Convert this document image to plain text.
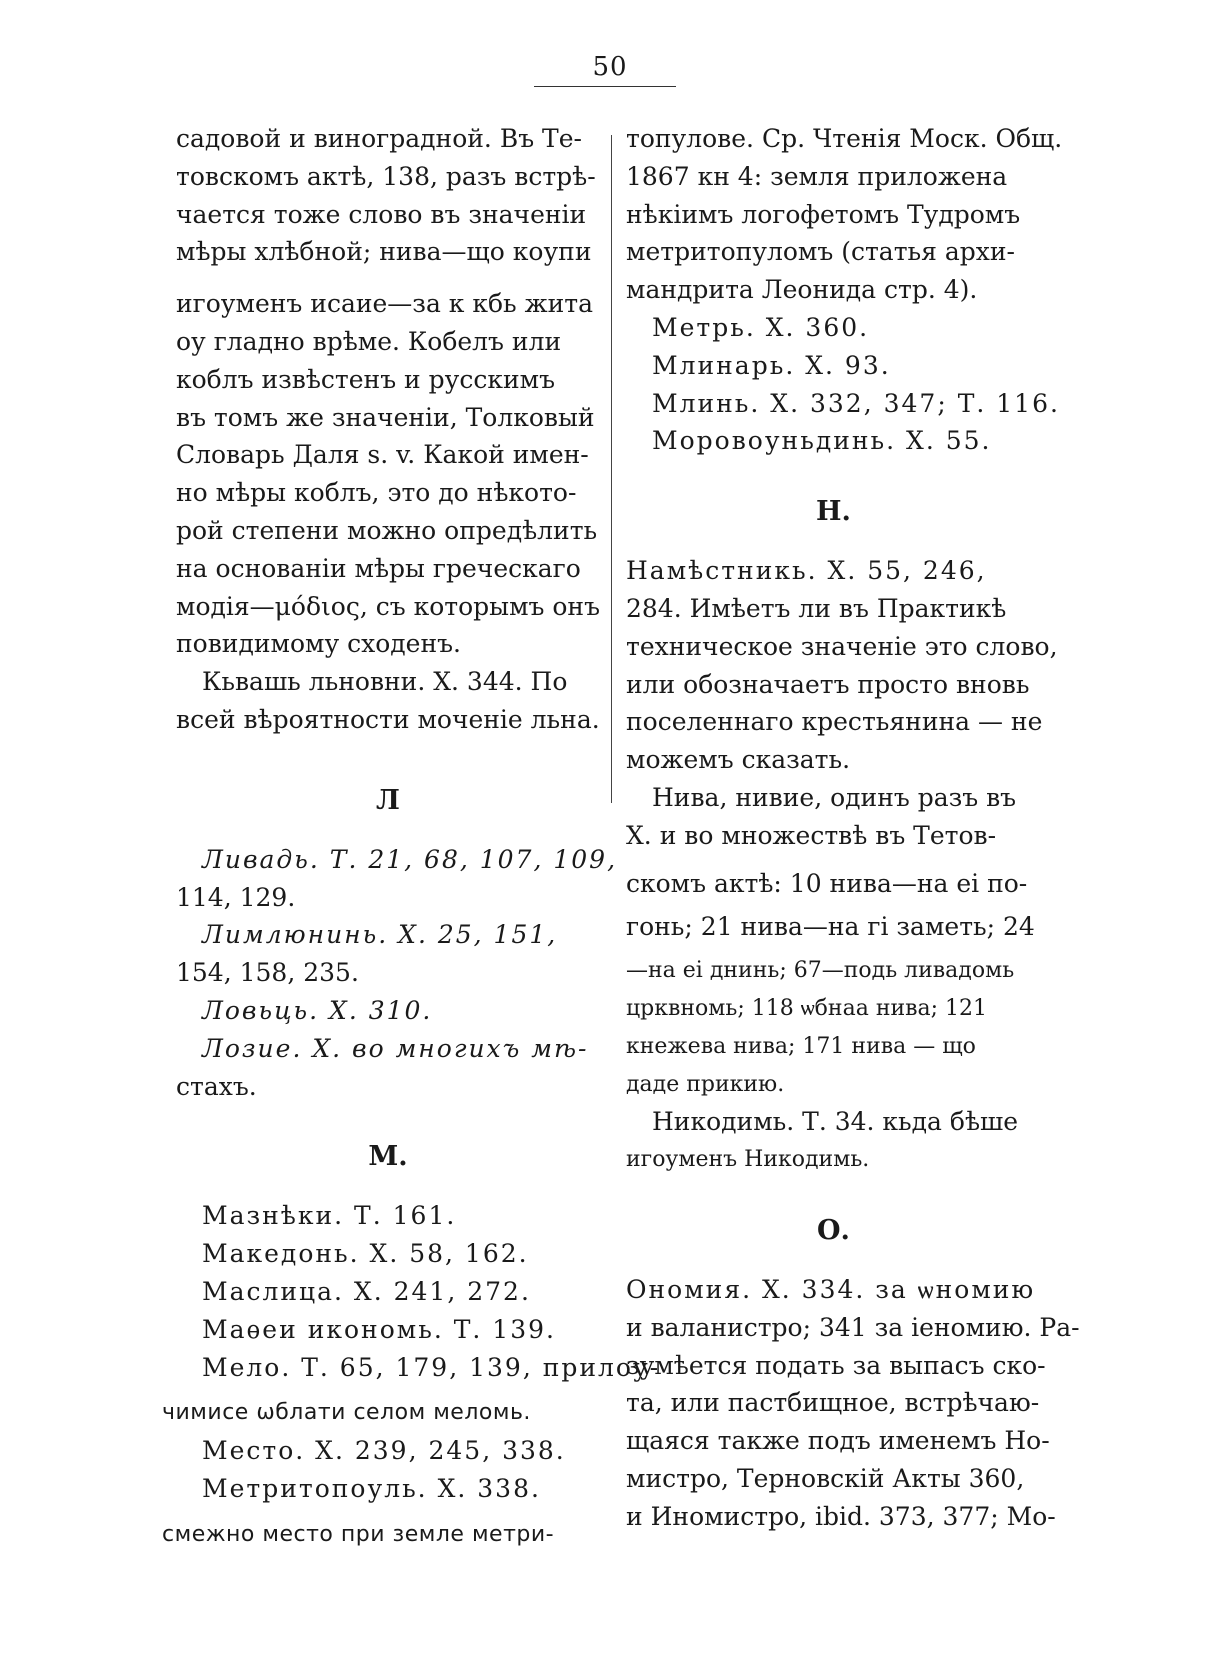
50
садовой и виноградной. Въ Те-
товскомъ актѣ, 138, разъ встрѣ-
чается тоже слово въ значеніи
мѣры хлѣбной; нива—що коупи
игоуменъ исаие—за к кбь жита
оу гладно врѣме. Кобелъ или
коблъ извѣстенъ и русскимъ
въ томъ же значеніи, Толковый
Словарь Даля s. v. Какой имен-
но мѣры коблъ, это до нѣкото-
рой степени можно опредѣлить
на основаніи мѣры греческаго
модія—μόδιος, съ которымъ онъ
повидимому сходенъ.
Кьвашь льновни. Х. 344. По
всей вѣроятности моченіе льна.
Л
Ливадь. Т. 21, 68, 107, 109,
114, 129.
Лимлюнинь. Х. 25, 151,
154, 158, 235.
Ловьць. Х. 310.
Лозие. Х. во многихъ мѣ-
стахъ.
М.
Мазнѣки. Т. 161.
Македонь. Х. 58, 162.
Маслица. Х. 241, 272.
Маѳеи икономь. Т. 139.
Мело. Т. 65, 179, 139, прилоу-
чимисе ѡблати селом меломь.
Место. Х. 239, 245, 338.
Метритопоуль. Х. 338.
смежно место при земле метри-
топулове. Ср. Чтенія Моск. Общ.
1867 кн 4: земля приложена
нѣкіимъ логофетомъ Тудромъ
метритопуломъ (статья архи-
мандрита Леонида стр. 4).
Метрь. Х. 360.
Млинарь. Х. 93.
Млинь. Х. 332, 347; Т. 116.
Моровоуньдинь. Х. 55.
Н.
Намѣстникь. Х. 55, 246,
284. Имѣетъ ли въ Практикѣ
техническое значеніе это слово,
или обозначаетъ просто вновь
поселеннаго крестьянина — не
можемъ сказать.
Нива, нивие, одинъ разъ въ
Х. и во множествѣ въ Тетов-
скомъ актѣ: 10 нива—на еі по-
гонь; 21 нива—на гі заметь; 24
—на еі днинь; 67—подь ливадомь
црквномь; 118 ѡбнаа нива; 121
кнежева нива; 171 нива — що
даде прикию.
Никодимь. Т. 34. кьда бѣше
игоуменъ Никодимь.
О.
Ономия. Х. 334. за ѡномию
и валанистро; 341 за іеномию. Ра-
зумѣется подать за выпасъ ско-
та, или пастбищное, встрѣчаю-
щаяся также подъ именемъ Но-
мистро, Терновскій Акты 360,
и Иномистро, ibid. 373, 377; Мо-
